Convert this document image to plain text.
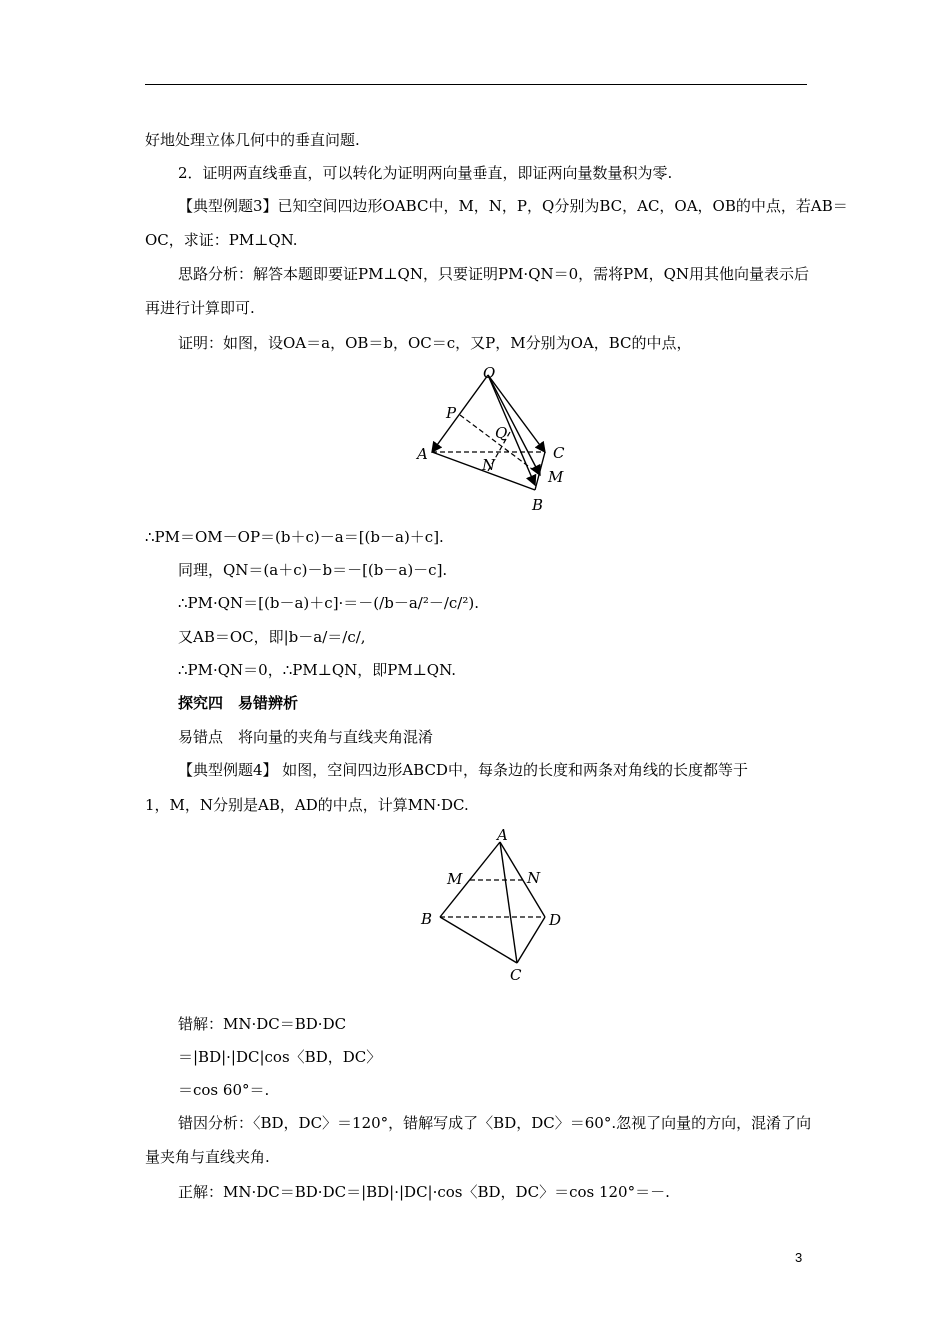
好地处理立体几何中的垂直问题.
2．证明两直线垂直，可以转化为证明两向量垂直，即证两向量数量积为零.
【典型例题3】已知空间四边形OABC中，M，N，P，Q分别为BC，AC，OA，OB的中点，若AB＝
OC，求证：PM⊥QN.
思路分析：解答本题即要证PM⊥QN，只要证明PM·QN＝0，需将PM，QN用其他向量表示后
再进行计算即可.
证明：如图，设OA＝a，OB＝b，OC＝c，又P，M分别为OA，BC的中点，
O
P
Q
A	C
N
M
B
∴PM＝OM－OP＝(b＋c)－a＝[(b－a)＋c].
同理，QN＝(a＋c)－b＝－[(b－a)－c].
∴PM·QN＝[(b－a)＋c]·＝－(/b－a/²－/c/²).
又AB＝OC，即|b－a/＝/c/,
∴PM·QN＝0，∴PM⊥QN，即PM⊥QN.
探究四　易错辨析
易错点　将向量的夹角与直线夹角混淆
【典型例题4】 如图，空间四边形ABCD中，每条边的长度和两条对角线的长度都等于
1，M，N分别是AB，AD的中点，计算MN·DC.
A
M	N
B	D
C
错解：MN·DC＝BD·DC
＝|BD|·|DC|cos〈BD，DC〉
＝cos 60°＝.
错因分析：〈BD，DC〉＝120°，错解写成了〈BD，DC〉＝60°.忽视了向量的方向，混淆了向
量夹角与直线夹角.
正解：MN·DC＝BD·DC＝|BD|·|DC|·cos〈BD，DC〉＝cos 120°＝－.
3
